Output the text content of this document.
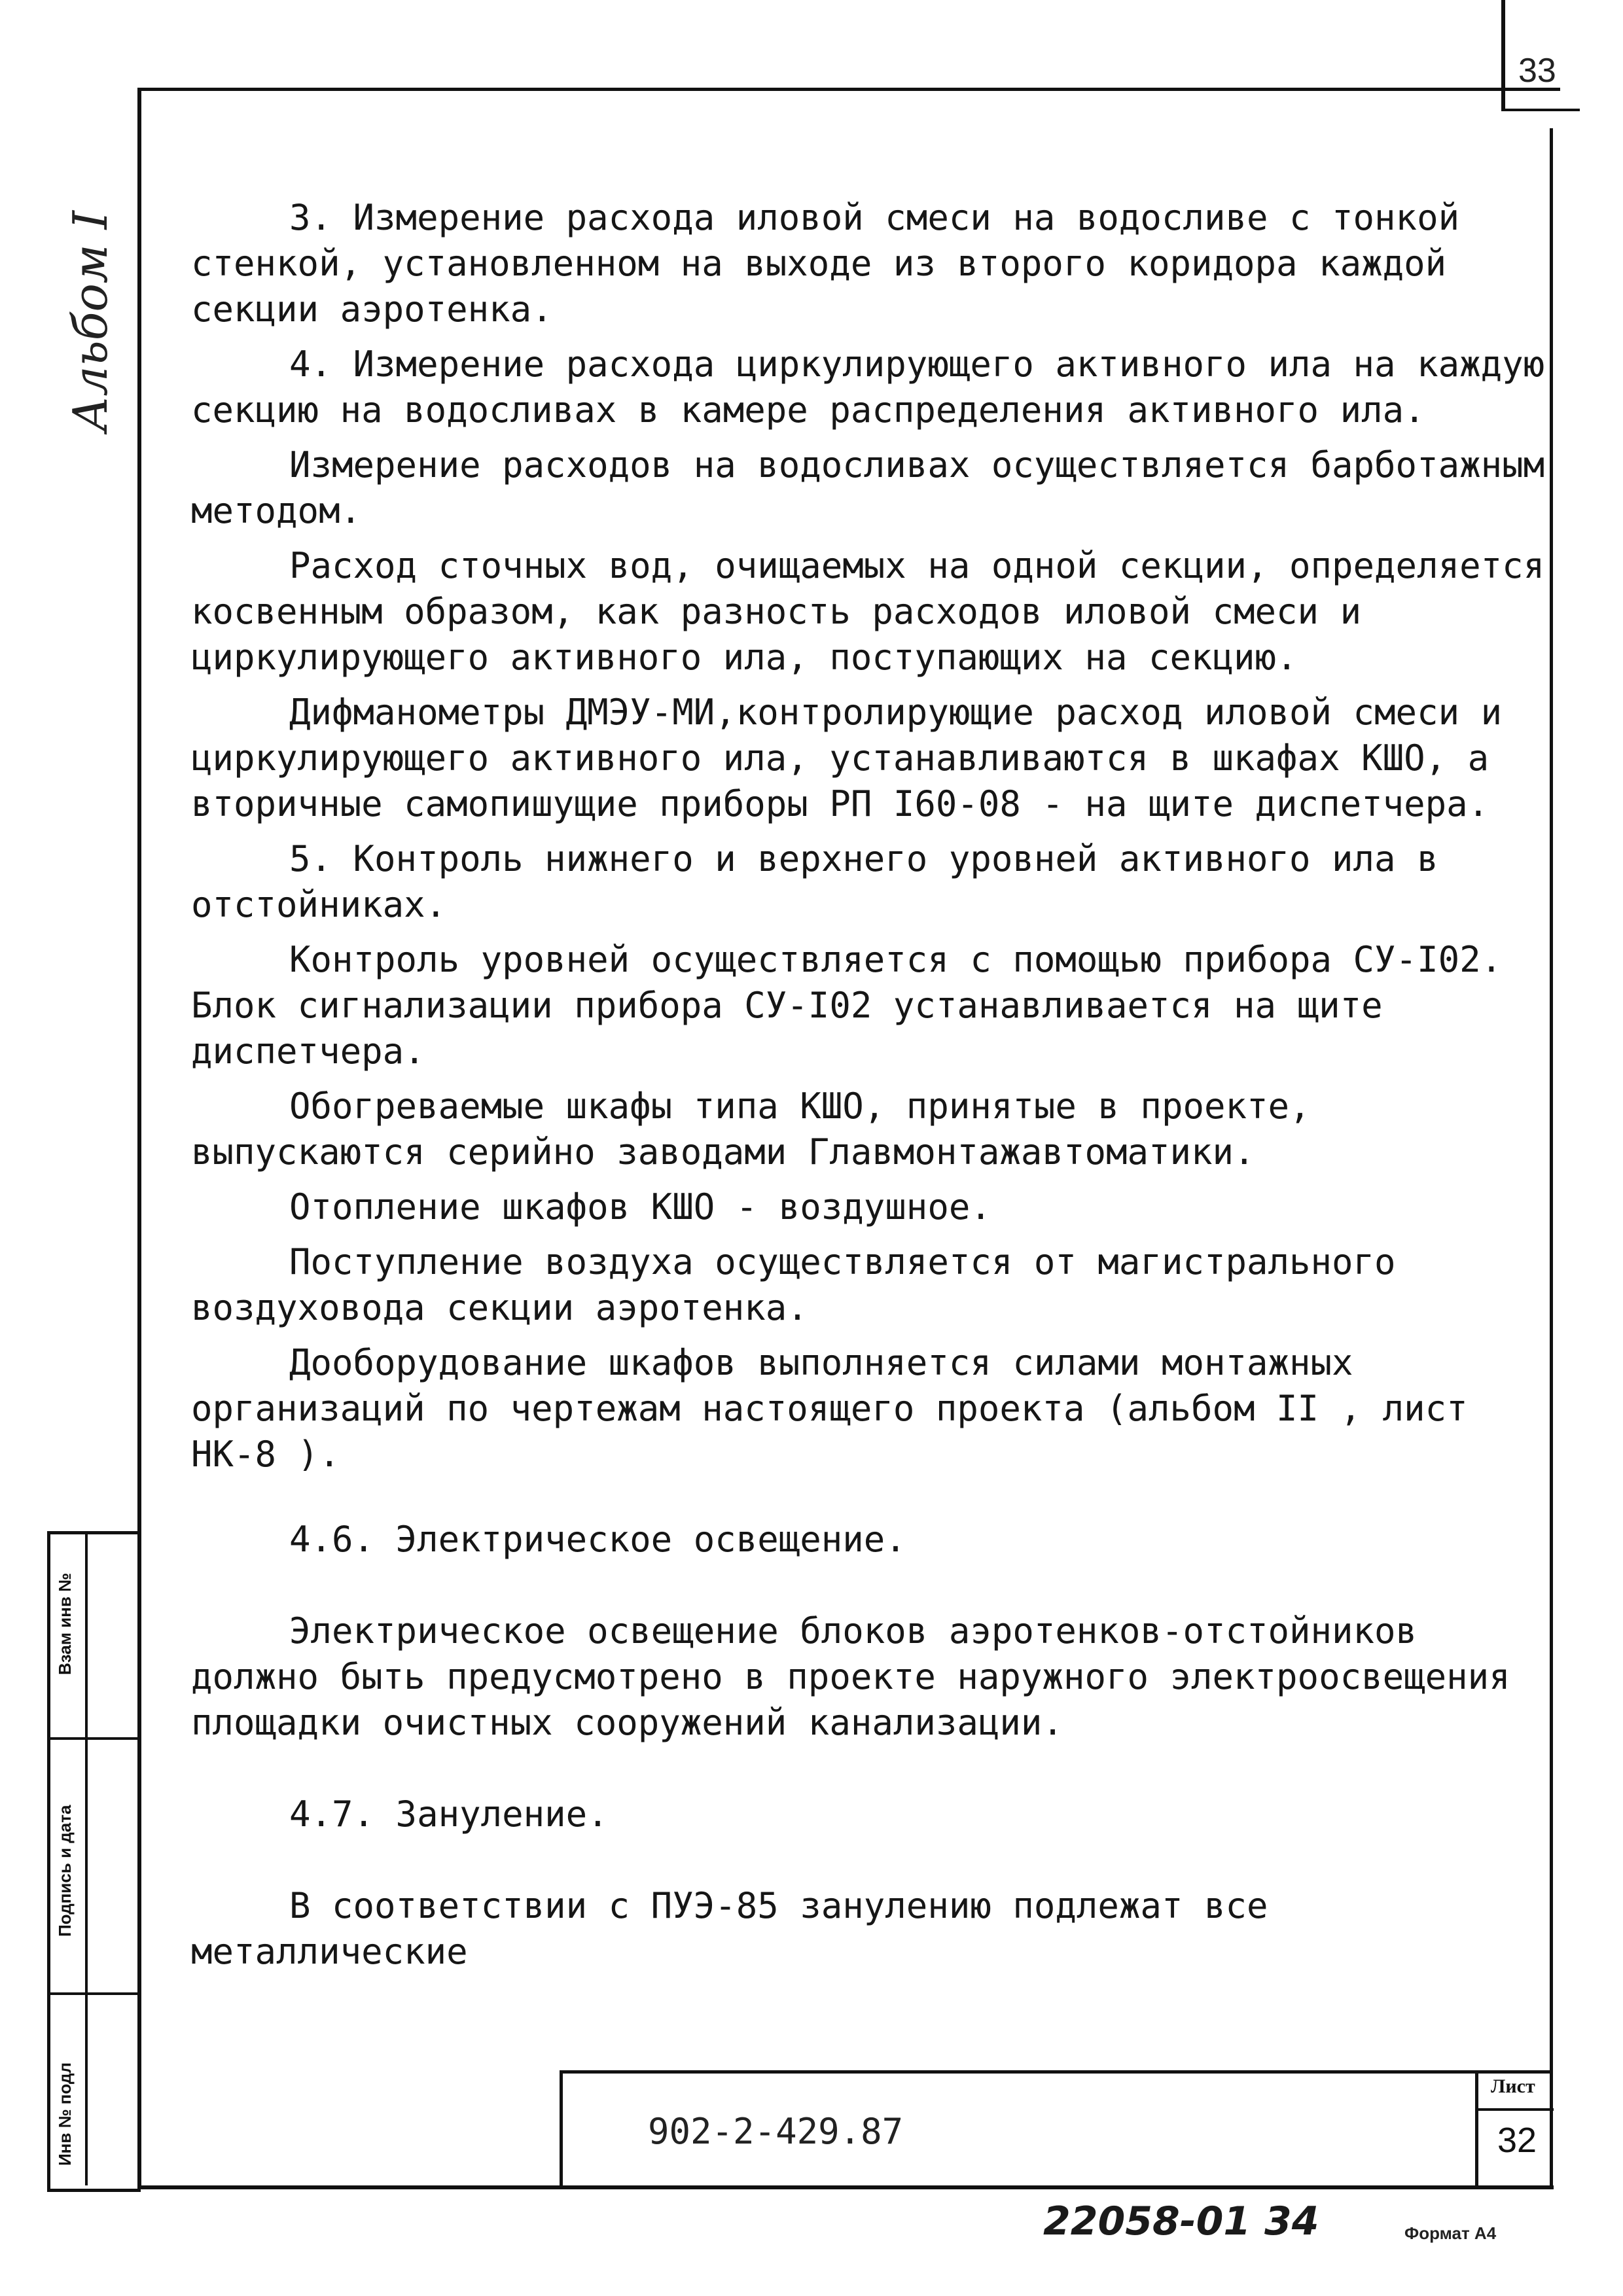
33
Альбом I
Взам инв №
Подпись и дата
Инв № подл

3. Измерение расхода иловой смеси на водосливе с тонкой стенкой, установленном на выходе из второго коридора каждой секции аэротенка.

4. Измерение расхода циркулирующего активного ила на каждую секцию на водосливах в камере распределения активного ила.

Измерение расходов на водосливах осуществляется барботажным методом.

Расход сточных вод, очищаемых на одной секции, определяется косвенным образом, как разность расходов иловой смеси и циркулирующего активного ила, поступающих на секцию.

Дифманометры ДМЭУ-МИ,контролирующие расход иловой смеси и циркулирующего активного ила, устанавливаются в шкафах КШО, а вторичные самопишущие приборы РП I60-08 - на щите диспетчера.

5. Контроль нижнего и верхнего уровней активного ила в отстойниках.

Контроль уровней осуществляется с помощью прибора СУ-I02. Блок сигнализации прибора СУ-I02 устанавливается на щите диспетчера.

Обогреваемые шкафы типа КШО, принятые в проекте, выпускаются серийно заводами Главмонтажавтоматики.

Отопление шкафов КШО - воздушное.

Поступление воздуха осуществляется от магистрального воздуховода секции аэротенка.

Дооборудование шкафов выполняется силами монтажных организаций по чертежам настоящего проекта (альбом II , лист НК-8 ).

4.6. Электрическое освещение.

Электрическое освещение блоков аэротенков-отстойников должно быть предусмотрено в проекте наружного электроосвещения площадки очистных сооружений канализации.

4.7. Зануление.

В соответствии с ПУЭ-85 занулению подлежат все металлические

902-2-429.87
Лист
32
22058-01 34	Формат А4
